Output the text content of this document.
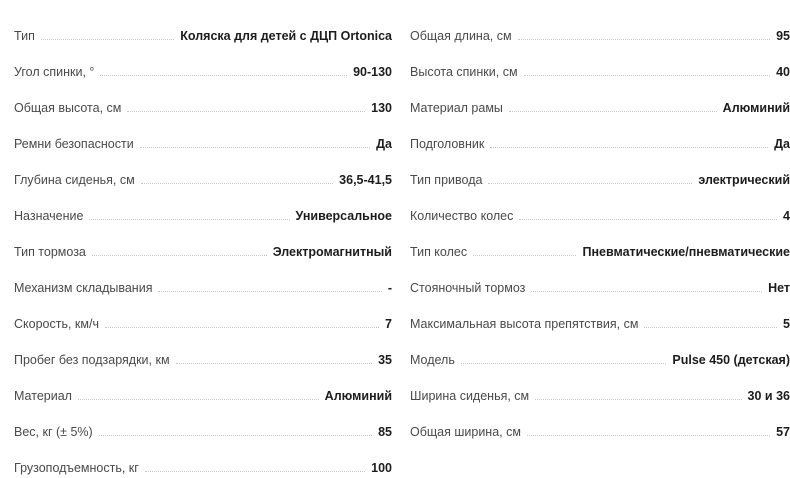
Тип	Коляска для детей с ДЦП Ortonica
Угол спинки, °	90-130
Общая высота, см	130
Ремни безопасности	Да
Глубина сиденья, см	36,5-41,5
Назначение	Универсальное
Тип тормоза	Электромагнитный
Механизм складывания	-
Скорость, км/ч	7
Пробег без подзарядки, км	35
Материал	Алюминий
Вес, кг (± 5%)	85
Грузоподъемность, кг	100
Общая длина, см	95
Высота спинки, см	40
Материал рамы	Алюминий
Подголовник	Да
Тип привода	электрический
Количество колес	4
Тип колес	Пневматические/пневматические
Стояночный тормоз	Нет
Максимальная высота препятствия, см	5
Модель	Pulse 450 (детская)
Ширина сиденья, см	30 и 36
Общая ширина, см	57
